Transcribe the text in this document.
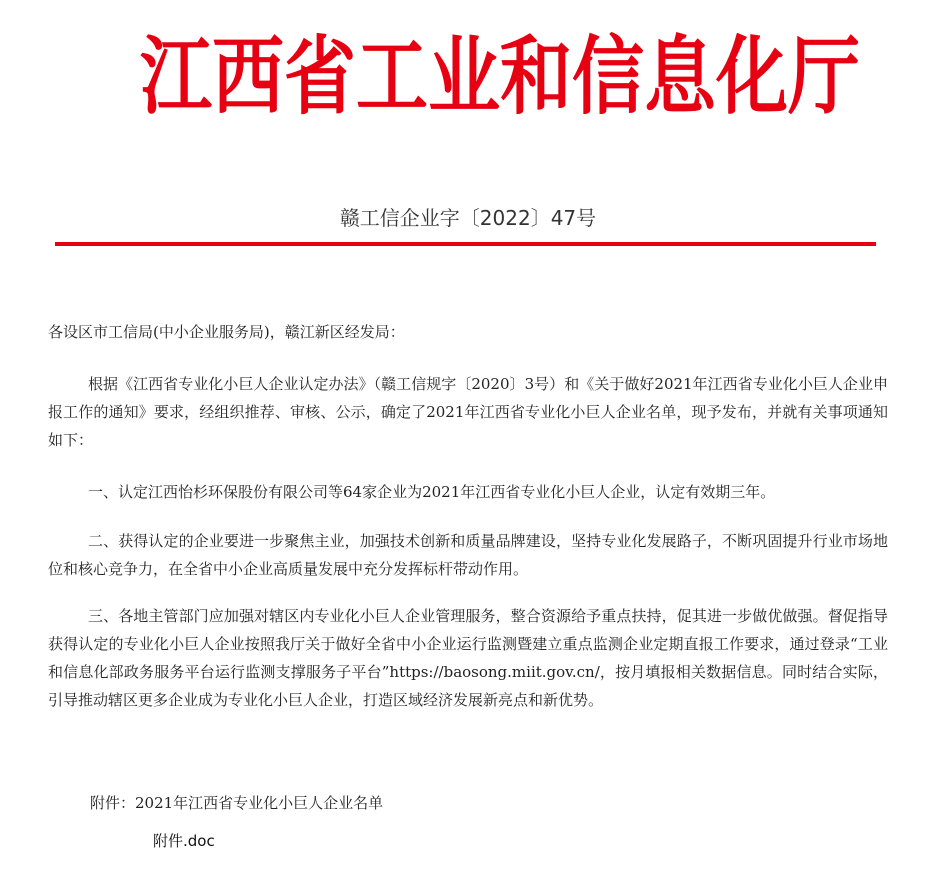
江西省工业和信息化厅
赣工信企业字〔2022〕47号

各设区市工信局(中小企业服务局)，赣江新区经发局：

根据《江西省专业化小巨人企业认定办法》（赣工信规字〔2020〕3号）和《关于做好2021年江西省专业化小巨人企业申报工作的通知》要求，经组织推荐、审核、公示，确定了2021年江西省专业化小巨人企业名单，现予发布，并就有关事项通知如下：

一、认定江西怡杉环保股份有限公司等64家企业为2021年江西省专业化小巨人企业，认定有效期三年。

二、获得认定的企业要进一步聚焦主业，加强技术创新和质量品牌建设，坚持专业化发展路子，不断巩固提升行业市场地位和核心竞争力，在全省中小企业高质量发展中充分发挥标杆带动作用。

三、各地主管部门应加强对辖区内专业化小巨人企业管理服务，整合资源给予重点扶持，促其进一步做优做强。督促指导获得认定的专业化小巨人企业按照我厅关于做好全省中小企业运行监测暨建立重点监测企业定期直报工作要求，通过登录“工业和信息化部政务服务平台运行监测支撑服务子平台”https://baosong.miit.gov.cn/，按月填报相关数据信息。同时结合实际，引导推动辖区更多企业成为专业化小巨人企业，打造区域经济发展新亮点和新优势。

附件：2021年江西省专业化小巨人企业名单

附件.doc
